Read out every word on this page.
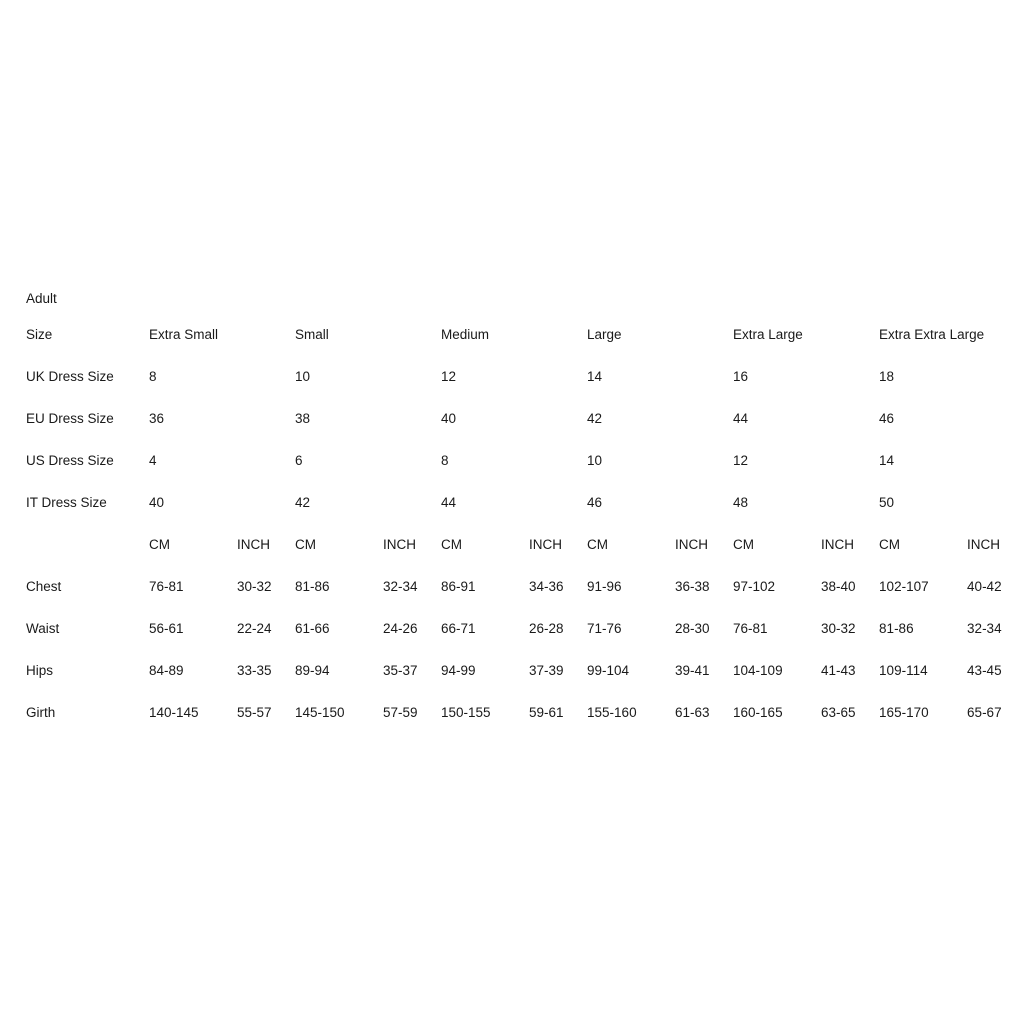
Adult
Size	Extra Small		Small		Medium		Large		Extra Large		Extra Extra Large	
UK Dress Size	8		10		12		14		16		18	
EU Dress Size	36		38		40		42		44		46	
US Dress Size	4		6		8		10		12		14	
IT Dress Size	40		42		44		46		48		50	
	CM	INCH	CM	INCH	CM	INCH	CM	INCH	CM	INCH	CM	INCH
Chest	76-81	30-32	81-86	32-34	86-91	34-36	91-96	36-38	97-102	38-40	102-107	40-42
Waist	56-61	22-24	61-66	24-26	66-71	26-28	71-76	28-30	76-81	30-32	81-86	32-34
Hips	84-89	33-35	89-94	35-37	94-99	37-39	99-104	39-41	104-109	41-43	109-114	43-45
Girth	140-145	55-57	145-150	57-59	150-155	59-61	155-160	61-63	160-165	63-65	165-170	65-67
